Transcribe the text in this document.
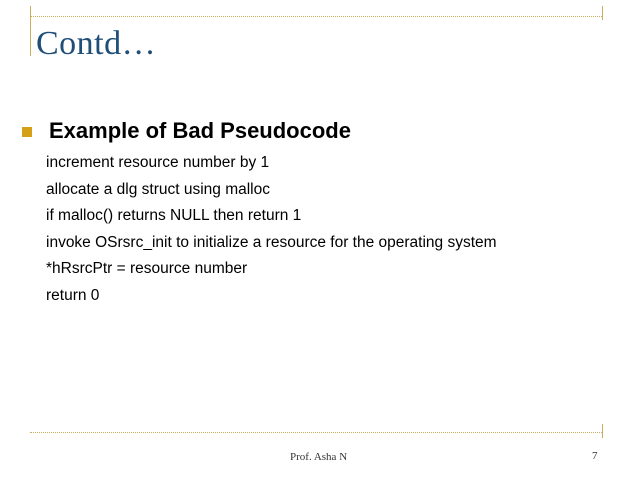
Contd…
Example of Bad Pseudocode
increment resource number by 1
allocate a dlg struct using malloc
if malloc() returns NULL then return 1
invoke OSrsrc_init to initialize a resource for the operating system
*hRsrcPtr = resource number
return 0
Prof. Asha N	7
